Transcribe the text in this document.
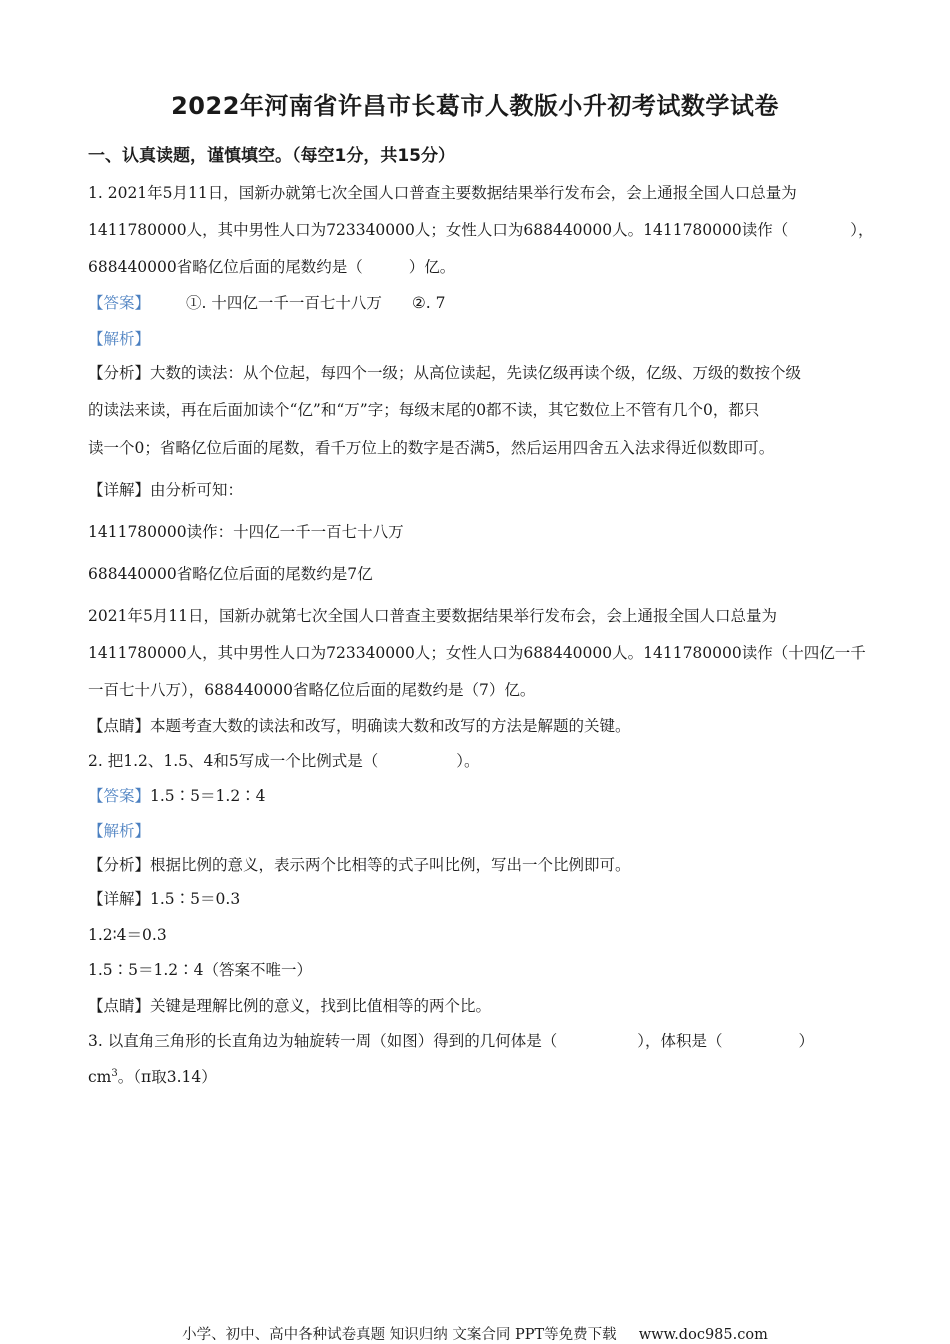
2022年河南省许昌市长葛市人教版小升初考试数学试卷
一、认真读题，谨慎填空。（每空1分，共15分）
1. 2021年5月11日，国新办就第七次全国人口普查主要数据结果举行发布会，会上通报全国人口总量为
1411780000人，其中男性人口为723340000人；女性人口为688440000人。1411780000读作（	），
688440000省略亿位后面的尾数约是（	）亿。
【答案】 ①. 十四亿一千一百七十八万 ②. 7
【解析】
【分析】大数的读法：从个位起，每四个一级；从高位读起，先读亿级再读个级，亿级、万级的数按个级
的读法来读，再在后面加读个“亿”和“万”字；每级末尾的0都不读，其它数位上不管有几个0，都只
读一个0；省略亿位后面的尾数，看千万位上的数字是否满5，然后运用四舍五入法求得近似数即可。
【详解】由分析可知：
1411780000读作：十四亿一千一百七十八万
688440000省略亿位后面的尾数约是7亿
2021年5月11日，国新办就第七次全国人口普查主要数据结果举行发布会，会上通报全国人口总量为
1411780000人，其中男性人口为723340000人；女性人口为688440000人。1411780000读作（十四亿一千
一百七十八万），688440000省略亿位后面的尾数约是（7）亿。
【点睛】本题考查大数的读法和改写，明确读大数和改写的方法是解题的关键。
2. 把1.2、1.5、4和5写成一个比例式是（	）。
【答案】1.5∶5＝1.2∶4
【解析】
【分析】根据比例的意义，表示两个比相等的式子叫比例，写出一个比例即可。
【详解】1.5∶5＝0.3
1.2∶4＝0.3
1.5∶5＝1.2∶4（答案不唯一）
【点睛】关键是理解比例的意义，找到比值相等的两个比。
3. 以直角三角形的长直角边为轴旋转一周（如图）得到的几何体是（	），体积是（	）
$cm^3$。（π取3.14）
小学、初中、高中各种试卷真题 知识归纳 文案合同 PPT等免费下载 www.doc985.com
